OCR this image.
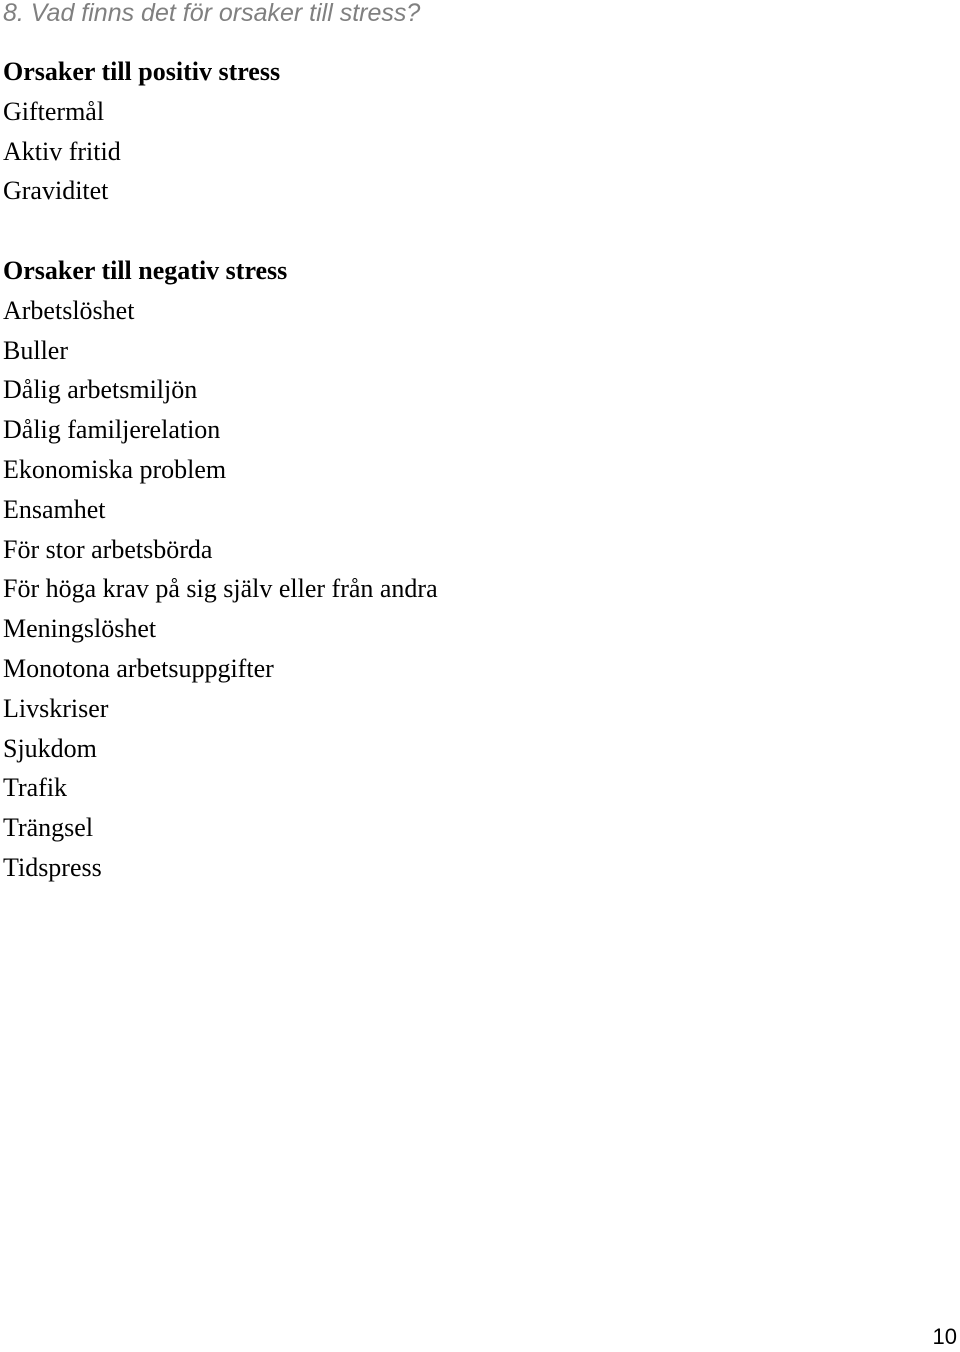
8. Vad finns det för orsaker till stress?
Orsaker till positiv stress
Giftermål
Aktiv fritid
Graviditet
Orsaker till negativ stress
Arbetslöshet
Buller
Dålig arbetsmiljön
Dålig familjerelation
Ekonomiska problem
Ensamhet
För stor arbetsbörda
För höga krav på sig själv eller från andra
Meningslöshet
Monotona arbetsuppgifter
Livskriser
Sjukdom
Trafik
Trängsel
Tidspress
10
